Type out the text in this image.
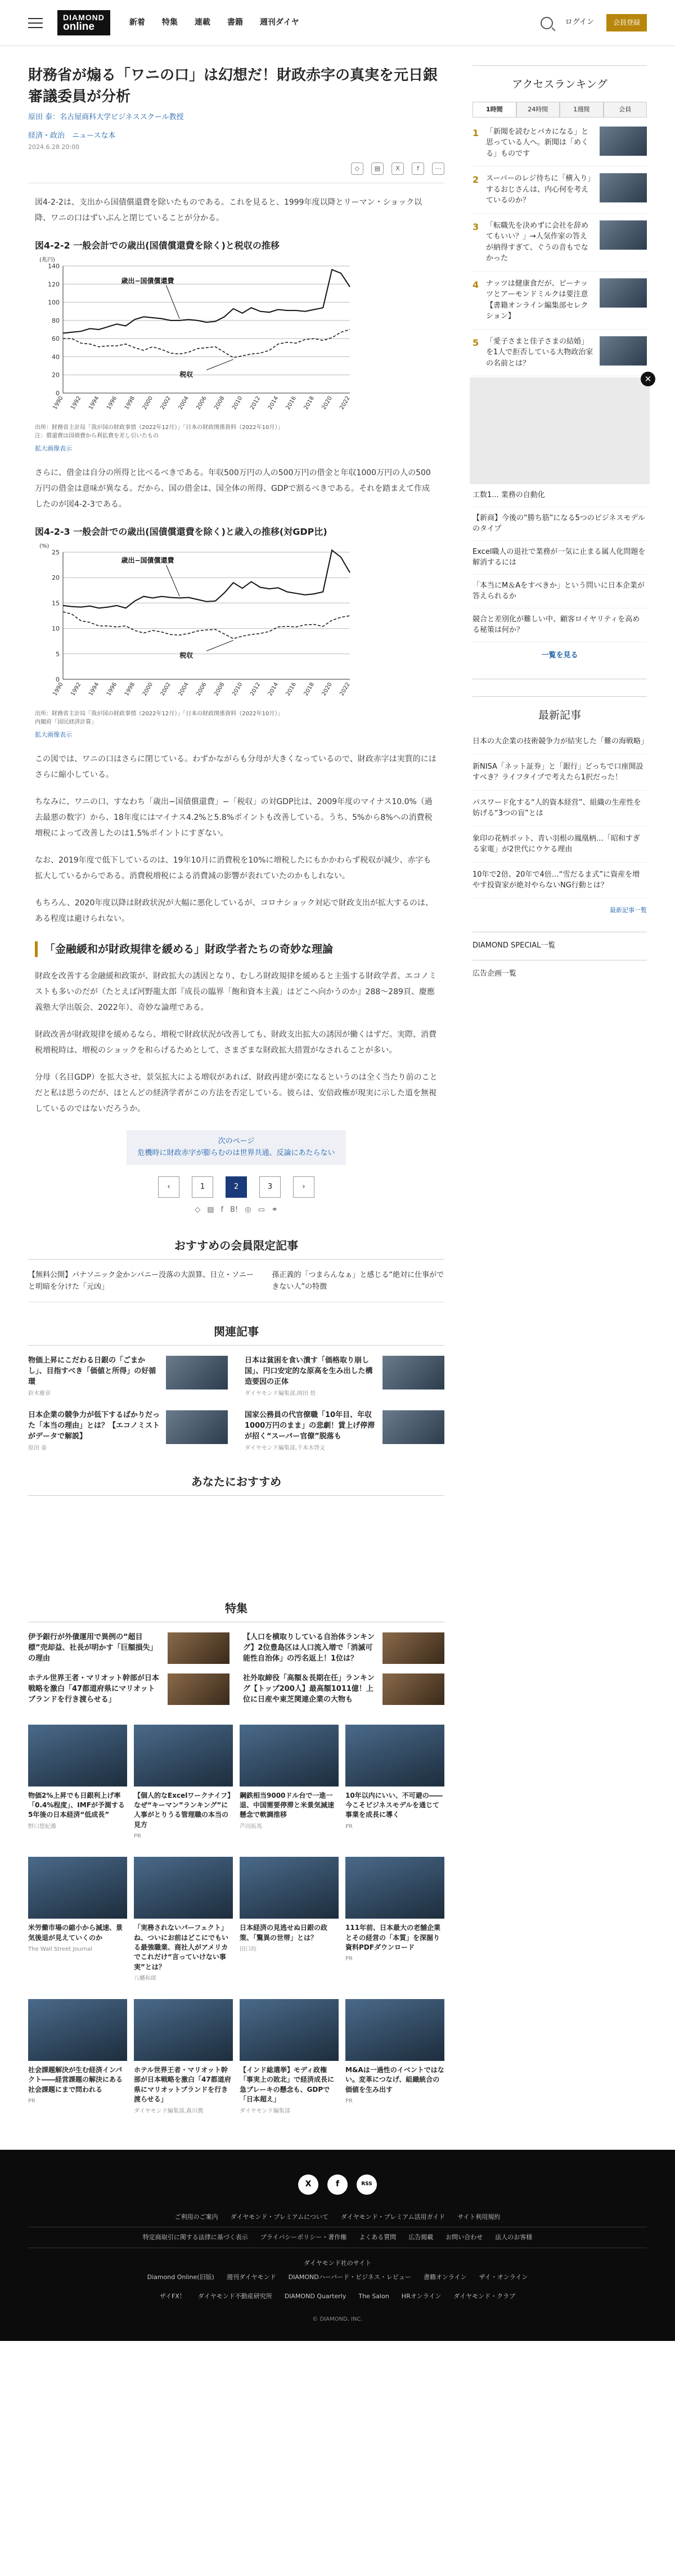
DIAMOND
online	新着 特集 連載 書籍 週刊ダイヤ	ログイン	会員登録
財務省が煽る「ワニの口」は幻想だ！財政赤字の真実を元日銀審議委員が分析
原田 泰：名古屋商科大学ビジネススクール教授
経済・政治　ニュースな本
2024.6.28 20:00
◇	▤	X	f	⋯

図4-2-2は、支出から国債償還費を除いたものである。これを見ると、1999年度以降とリーマン・ショック以降、ワニの口はずいぶんと閉じていることが分かる。

図4-2-2 一般会計での歳出(国債償還費を除く)と税収の推移
(兆円)
0
20
40
60
80
100
120
140
1990 1992 1994 1996 1998 2000 2002 2004 2006 2008 2010 2012 2014 2016 2018 2020 2022
歳出−国債償還費
税収
出所：財務省主計局「我が国の財政事情（2022年12月）」「日本の財政関係資料（2022年10月）」
注：償還費は国債費から利払費を差し引いたもの
拡大画像表示

さらに、借金は自分の所得と比べるべきである。年収500万円の人の500万円の借金と年収1000万円の人の500万円の借金は意味が異なる。だから、国の借金は、国全体の所得、GDPで割るべきである。それを踏まえて作成したのが図4-2-3である。

図4-2-3 一般会計での歳出(国債償還費を除く)と歳入の推移(対GDP比)
(%)
0
5
10
15
20
25
1990 1992 1994 1996 1998 2000 2002 2004 2006 2008 2010 2012 2014 2016 2018 2020 2022
歳出−国債償還費
税収
出所：財務省主計局「我が国の財政事情（2022年12月）」「日本の財政関係資料（2022年10月）」
内閣府「国民経済計算」
拡大画像表示

この図では、ワニの口はさらに閉じている。わずかながらも分母が大きくなっているので、財政赤字は実質的にはさらに縮小している。

ちなみに、ワニの口、すなわち「歳出−国債償還費」−「税収」の対GDP比は、2009年度のマイナス10.0%（過去最悪の数字）から、18年度にはマイナス4.2%と5.8%ポイントも改善している。うち、5%から8%への消費税増税によって改善したのは1.5%ポイントにすぎない。

なお、2019年度で低下しているのは、19年10月に消費税を10%に増税したにもかかわらず税収が減少、赤字も拡大しているからである。消費税増税による消費減の影響が表れていたのかもしれない。

もちろん、2020年度以降は財政状況が大幅に悪化しているが、コロナショック対応で財政支出が拡大するのは、ある程度は避けられない。

「金融緩和が財政規律を緩める」財政学者たちの奇妙な理論

財政を改善する金融緩和政策が、財政拡大の誘因となり、むしろ財政規律を緩めると主張する財政学者、エコノミストも多いのだが（たとえば河野龍太郎『成長の臨界「飽和資本主義」はどこへ向かうのか』288〜289頁、慶應義塾大学出版会、2022年）、奇妙な論理である。

財政改善が財政規律を緩めるなら、増税で財政状況が改善しても、財政支出拡大の誘因が働くはずだ。実際、消費税増税時は、増税のショックを和らげるためとして、さまざまな財政拡大措置がなされることが多い。

分母（名目GDP）を拡大させ、景気拡大による増収があれば、財政再建が楽になるというのは全く当たり前のことだと私は思うのだが、ほとんどの経済学者がこの方法を否定している。彼らは、安倍政権が現実に示した道を無視しているのではないだろうか。

次のページ
危機時に財政赤字が膨らむのは世界共通、反論にあたらない
‹	1	2	3	›
◇ ▤ f B! ◎ ▭ ⚭
おすすめの会員限定記事
【無料公開】パナソニック金かンパニー没落の大誤算、日立・ソニーと明暗を分けた「元凶」
孫正義的「つまらんなぁ」と感じる“絶対に仕事ができない人”の特徴
関連記事
物価上昇にこだわる日銀の「ごまかし」、目指すべき「価値と所得」の好循環
鈴木雅章
日本は貧困を食い潰す「価格取り崩し国」、円口安定的な原高を生み出した構造要因の正体
ダイヤモンド編集部,岡田 悟
日本企業の競争力が低下するばかりだった「本当の理由」とは？【エコノミストがデータで解説】
原田 泰
国家公務員の代官僚職「10年目、年収1000万円のまま」の悲劇！賃上げ停滞が招く“スーパー官僚”脱落も
ダイヤモンド編集部,千本木啓文
あなたにおすすめ
特集
伊予銀行が外債運用で異例の“超目標”売却益、社長が明かす「巨額損失」の理由
【人口を横取りしている自治体ランキング】2位豊島区は人口流入増で「消滅可能性自治体」の汚名返上！1位は？
ホテル世界王者・マリオット幹部が日本戦略を激白「47都道府県にマリオットブランドを行き渡らせる」
社外取締役「高額＆長期在任」ランキング【トップ200人】最高額1011億！上位に日産や東芝関連企業の大物も
物価2%上昇でも日銀利上げ率「0.4%程度」、IMFが予測する5年後の日本経済“低成長”
野口悠紀雄
【個人的なExcelワークナイフ】なぜ“キーマン”ランキング”に人事がとりうる管理職の本当の見方
PR
鋼鉄相当9000ドル台で一進一退、中国需要停滞と米景気減速懸念で軟調推移
芦田拓馬
10年以内にいい、不可避の――今こそピジネスモデルを通じて事業を成長に導く
PR
米労働市場の縮小から減速、景気後退が見えていくのか
The Wall Street Journal
「実務されないパーフェクト」ね、ついにお前はどこにでもいる最強職業、商社人がアメリカでこれだけ“言っていけない事実”とは？
八幡和郎
日本経済の見逃せぬ日銀の政策、「驚異の世帯」とは？
田口坊
111年前、日本最大の老舗企業とその経営の「本質」を深掘り資料PDFダウンロード
PR
社会課題解決が生む経済インパクト――経営課題の解決にある社会課題にまで問われる
PR
ホテル世界王者・マリオット幹部が日本戦略を激白「47都道府県にマリオットブランドを行き渡らせる」
ダイヤモンド編集部,森川潤
【インド総選挙】モディ政権「事実上の敗北」で経済成長に急ブレーキの懸念も、GDPで「日本超え」
ダイヤモンド編集部
M&Aは一過性のイベントではない。変革につなげ、組織統合の価値を生み出す
PR
アクセスランキング
1時間	24時間	1週間	会員
1 「新聞を読むとバカになる」と思っている人へ。新聞は「めくる」ものです
2 スーパーのレジ待ちに「横入り」するおじさんは、内心何を考えているのか？
3 「転職先を決めずに会社を辞めてもいい？」→人気作家の答えが納得すぎて、ぐうの音もでなかった
4 ナッツは健康食だが、ピーナッツとアーモンドミルクは要注意【書籍オンライン編集部セレクション】
5 「愛子さまと佳子さまの結婚」を1人で拒否している大物政治家の名前とは？
✕
工数1... 業務の自動化
【新商】今後の“勝ち筋”になる5つのビジネスモデルのタイプ
Excel職人の退社で業務が一気に止まる属人化問題を解消するには
「本当にM＆Aをすべきか」という問いに日本企業が答えられるか
競合と差別化が難しい中、顧客ロイヤリティを高める秘策は何か？
一覧を見る
最新記事
日本の大企業の技術競争力が結実した「難の海戦略」
新NISA「ネット証券」と「銀行」どっちで口座開設すべき？ライフタイプで考えたら1択だった！
パスワード化する“人的資本経営”、組織の生産性を妨げる“3つの盲”とは
象印の花柄ポット、青い羽根の鳳凰柄…「昭和すぎる家電」が2世代にウケる理由
10年で2倍、20年で4倍…“雪だるま式”に資産を増やす投資家が絶対やらないNG行動とは？
最新記事一覧
DIAMOND SPECIAL一覧
広告企画一覧
X	f	RSS
ご利用のご案内 ダイヤモンド・プレミアムについて ダイヤモンド・プレミアム活用ガイド サイト利用規約
特定商取引に関する法律に基づく表示 プライバシーポリシー・著作権 よくある質問 広告掲載 お問い合わせ 法人のお客様
ダイヤモンド社のサイト
Diamond Online(旧版) 週刊ダイヤモンド DIAMONDハーバード・ビジネス・レビュー 書籍オンライン ザイ・オンライン
ザイFX！ ダイヤモンド不動産研究所 DIAMOND Quarterly The Salon HRオンライン ダイヤモンド・クラブ
© DIAMOND, INC.
